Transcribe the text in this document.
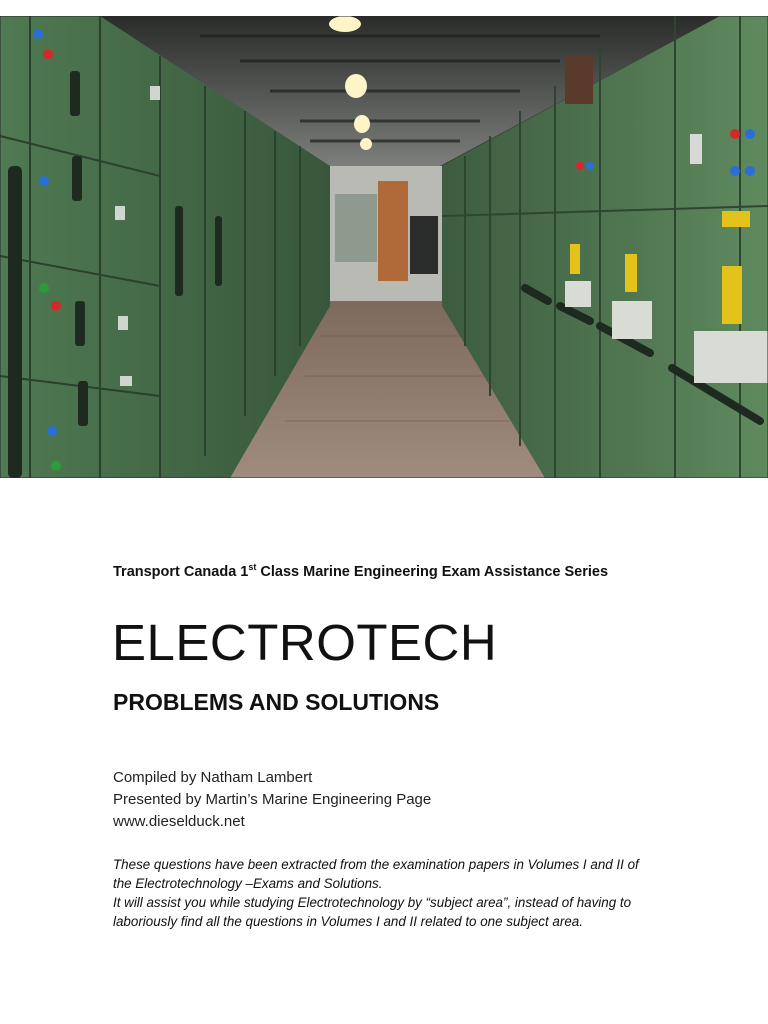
Transport Canada 1st Class Marine Engineering Exam Assistance Series
ELECTROTECH
PROBLEMS AND SOLUTIONS
Compiled by Natham Lambert
Presented by Martin’s Marine Engineering Page
www.dieselduck.net
These questions have been extracted from the examination papers in Volumes I and II of
the Electrotechnology –Exams and Solutions.
It will assist you while studying Electrotechnology by “subject area”, instead of having to
laboriously find all the questions in Volumes I and II related to one subject area.
